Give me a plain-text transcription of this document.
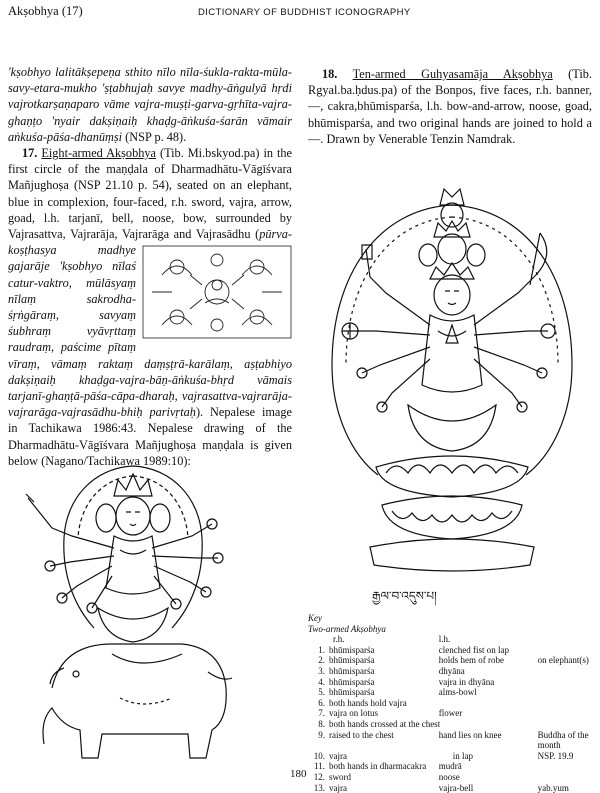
Akṣobhya (17)	DICTIONARY OF BUDDHIST ICONOGRAPHY

'kṣobhyo lalitākṣepeṇa sthito nīlo nīla-śukla-rakta-mūla-savy-etara-mukho 'ṣṭabhujaḥ savye madhy-āṅgulyā hṛdi vajrotkarṣaṇaparo vāme vajra-muṣṭi-garva-gṛhīta-vajra-ghaṇṭo 'nyair dakṣiṇaiḥ khaḍg-āṅkuśa-śarān vāmair aṅkuśa-pāśa-dhanūṃṣi (NSP p. 48).

17. Eight-armed Akṣobhya (Tib. Mi.bskyod.pa) in the first circle of the maṇḍala of Dharmadhātu-Vāgīśvara Mañjughoṣa (NSP 21.10 p. 54), seated on an elephant, blue in complexion, four-faced, r.h. sword, vajra, arrow, goad, l.h. tarjanī, bell, noose, bow, surrounded by Vajrasattva, Vajrarāja, Vajrarāga and Vajrasādhu (
pūrva-koṣṭhasya madhye gajarāje 'kṣobhyo nīlaś catur-vaktro, mūlāsyaṃ nīlaṃ sakrodha-śṛṅgāraṃ, savyaṃ śubhraṃ vyāvṛttaṃ raudraṃ, paścime pītaṃ vīraṃ, vāmaṃ raktaṃ daṃṣṭrā-karālaṃ, aṣṭabhiyo dakṣiṇaiḥ khaḍga-vajra-bāṇ-āṅkuśa-bhṛd vāmais tarjanī-ghaṇṭā-pāśa-cāpa-dharaḥ, vajrasattva-vajrarāja-vajrarāga-vajrasādhu-bhiḥ parivṛtaḥ). Nepalese image in Tachikawa 1986:43. Nepalese drawing of the Dharmadhātu-Vāgīśvara Mañjughoṣa maṇḍala is given below (Nagano/Tachikawa 1989:10):

18. Ten-armed Guhyasamāja Akṣobhya (Tib. Rgyal.ba.ḥdus.pa) of the Bonpos, five faces, r.h. banner, —, cakra,bhūmisparśa, l.h. bow-and-arrow, noose, goad, bhūmisparśa, and two original hands are joined to hold a —. Drawn by Venerable Tenzin Namdrak.

རྒྱལ་བ་འདུས་པ།
Key
Two-armed Akṣobhya
	r.h.	l.h.	
1.	bhūmisparśa	clenched fist on lap	
2.	bhūmisparśa	holds hem of robe	on elephant(s)
3.	bhūmisparśa	dhyāna	
4.	bhūmisparśa	vajra in dhyāna	
5.	bhūmisparśa	alms-bowl	
6.	both hands hold vajra		
7.	vajra on lotus	flower	
8.	both hands crossed at the chest		
9.	raised to the chest	hand lies on knee	Buddha of the month
10.	vajra	in lap	NSP. 19.9
11.	both hands in dharmacakra	mudrā	
12.	sword	noose	
13.	vajra	vajra-bell	yab.yum
180
